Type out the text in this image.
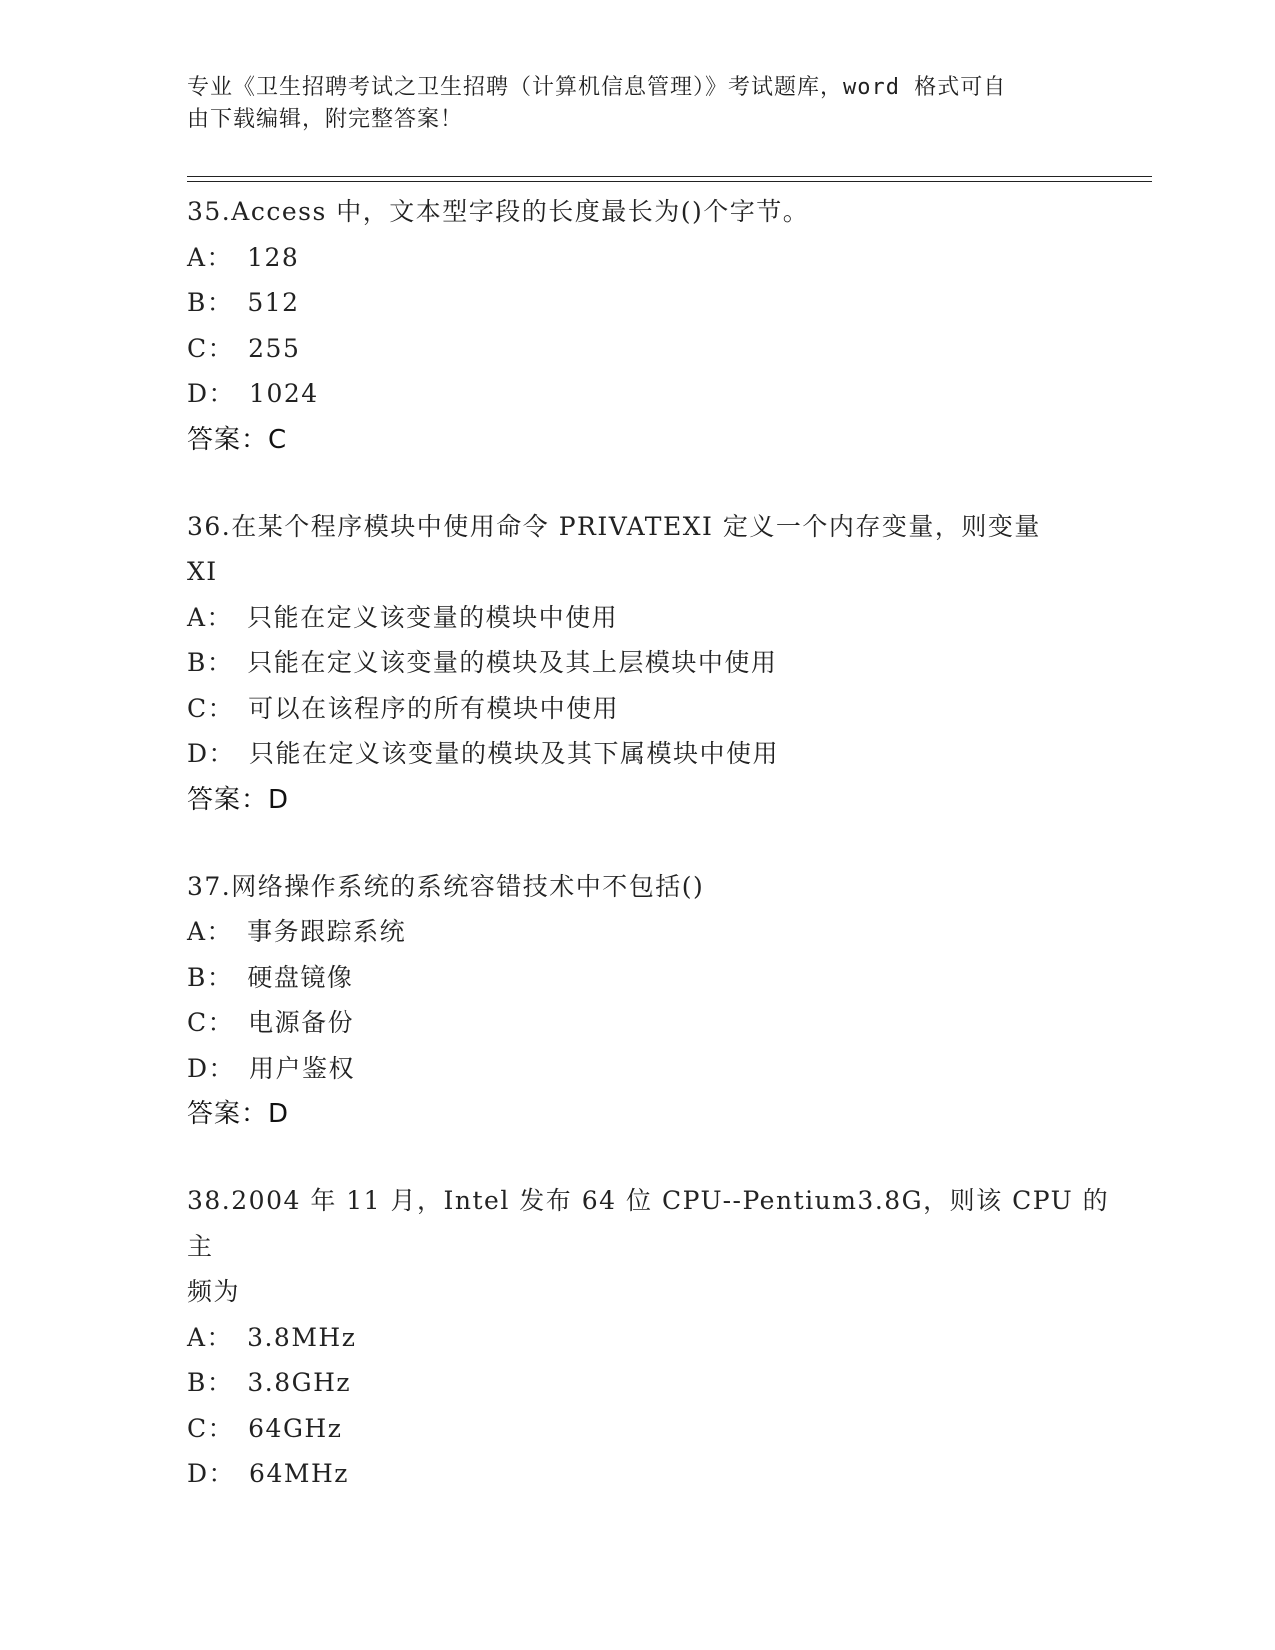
专业《卫生招聘考试之卫生招聘（计算机信息管理）》考试题库，word 格式可自
由下载编辑，附完整答案！
35.Access 中，文本型字段的长度最长为()个字节。
A： 128
B： 512
C： 255
D： 1024
答案：C
36.在某个程序模块中使用命令 PRIVATEXI 定义一个内存变量，则变量
XI
A： 只能在定义该变量的模块中使用
B： 只能在定义该变量的模块及其上层模块中使用
C： 可以在该程序的所有模块中使用
D： 只能在定义该变量的模块及其下属模块中使用
答案：D
37.网络操作系统的系统容错技术中不包括()
A： 事务跟踪系统
B： 硬盘镜像
C： 电源备份
D： 用户鉴权
答案：D
38.2004 年 11 月，Intel 发布 64 位 CPU--Pentium3.8G，则该 CPU 的主
频为
A： 3.8MHz
B： 3.8GHz
C： 64GHz
D： 64MHz
